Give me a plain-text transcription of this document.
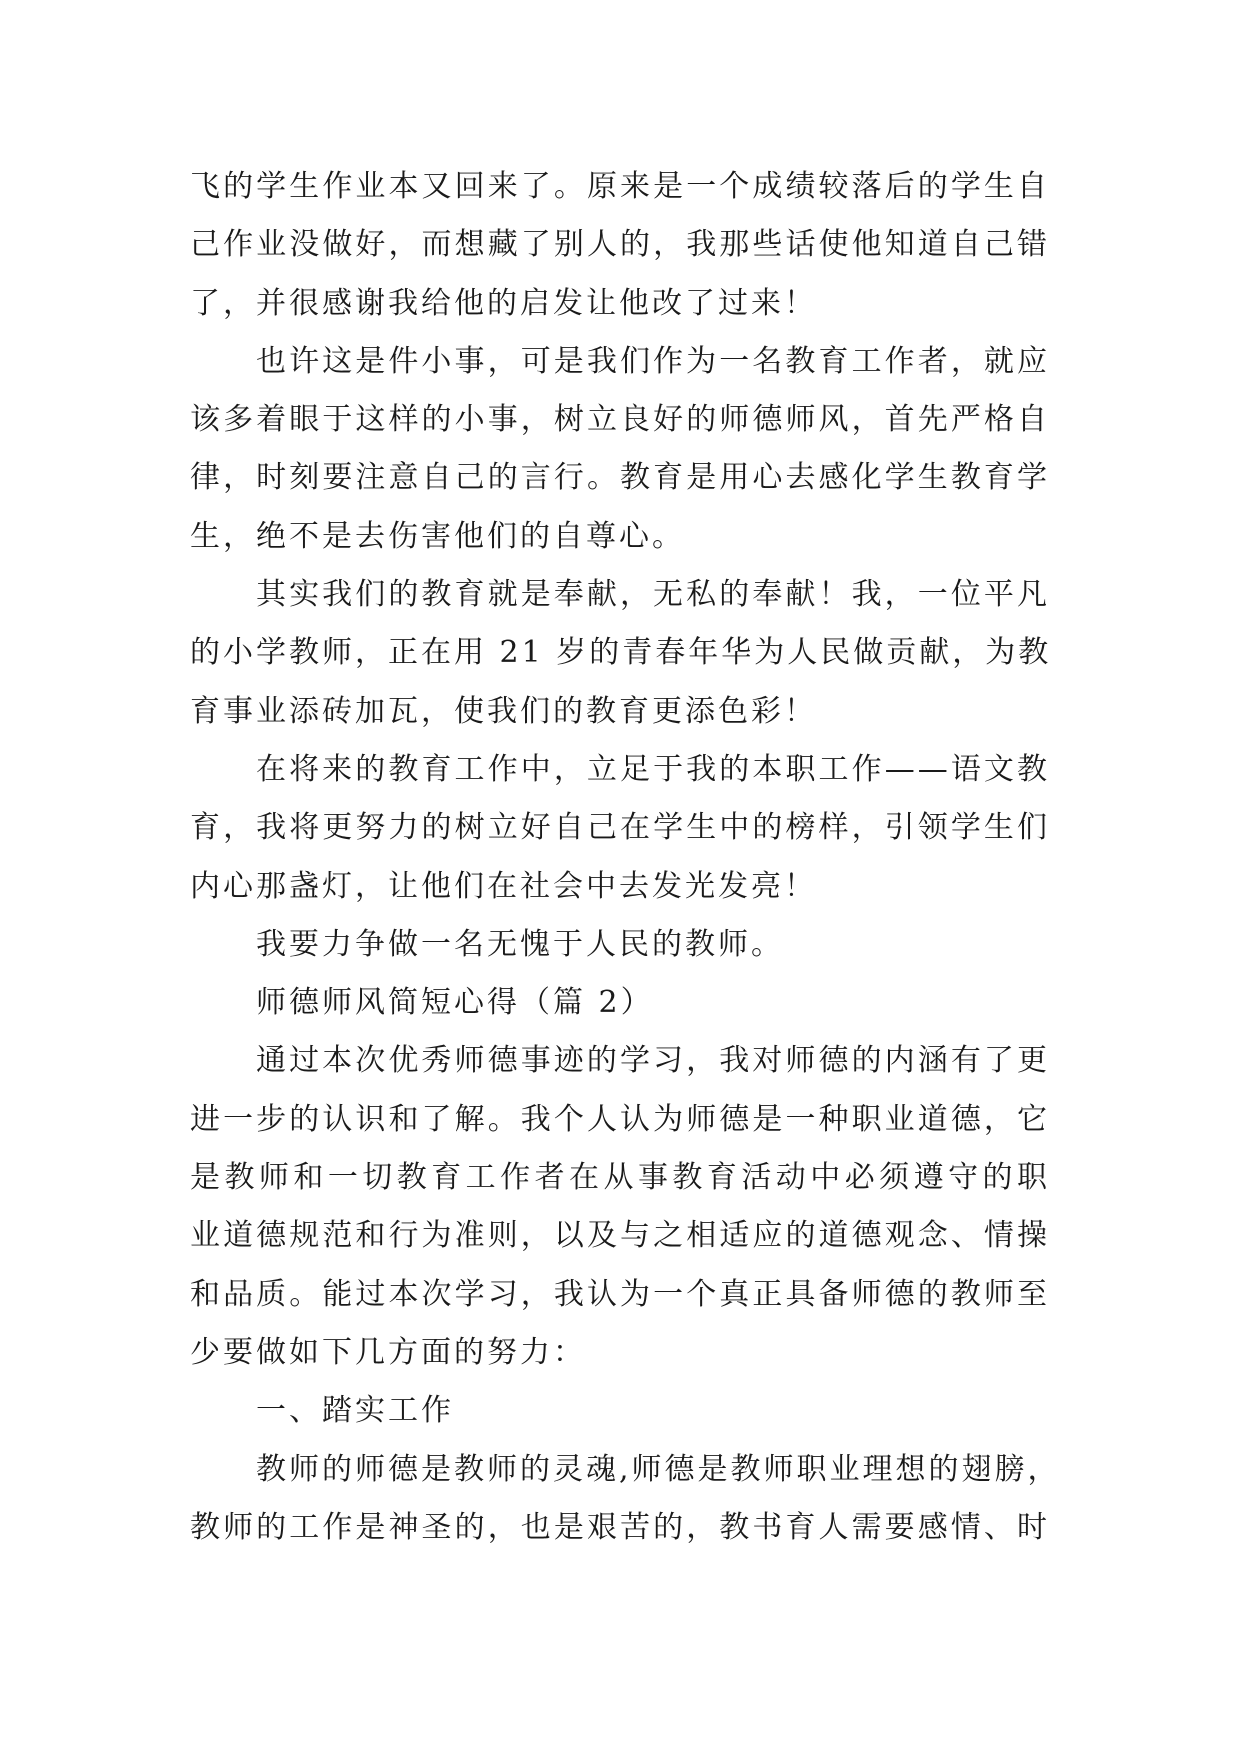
飞的学生作业本又回来了。原来是一个成绩较落后的学生自
己作业没做好，而想藏了别人的，我那些话使他知道自己错
了，并很感谢我给他的启发让他改了过来！
也许这是件小事，可是我们作为一名教育工作者，就应
该多着眼于这样的小事，树立良好的师德师风，首先严格自
律，时刻要注意自己的言行。教育是用心去感化学生教育学
生，绝不是去伤害他们的自尊心。
其实我们的教育就是奉献，无私的奉献！我，一位平凡
的小学教师，正在用 21 岁的青春年华为人民做贡献，为教
育事业添砖加瓦，使我们的教育更添色彩！
在将来的教育工作中，立足于我的本职工作——语文教
育，我将更努力的树立好自己在学生中的榜样，引领学生们
内心那盏灯，让他们在社会中去发光发亮！
我要力争做一名无愧于人民的教师。
师德师风简短心得（篇 2）
通过本次优秀师德事迹的学习，我对师德的内涵有了更
进一步的认识和了解。我个人认为师德是一种职业道德，它
是教师和一切教育工作者在从事教育活动中必须遵守的职
业道德规范和行为准则，以及与之相适应的道德观念、情操
和品质。能过本次学习，我认为一个真正具备师德的教师至
少要做如下几方面的努力：
一、踏实工作
教师的师德是教师的灵魂,师德是教师职业理想的翅膀，
教师的工作是神圣的，也是艰苦的，教书育人需要感情、时
